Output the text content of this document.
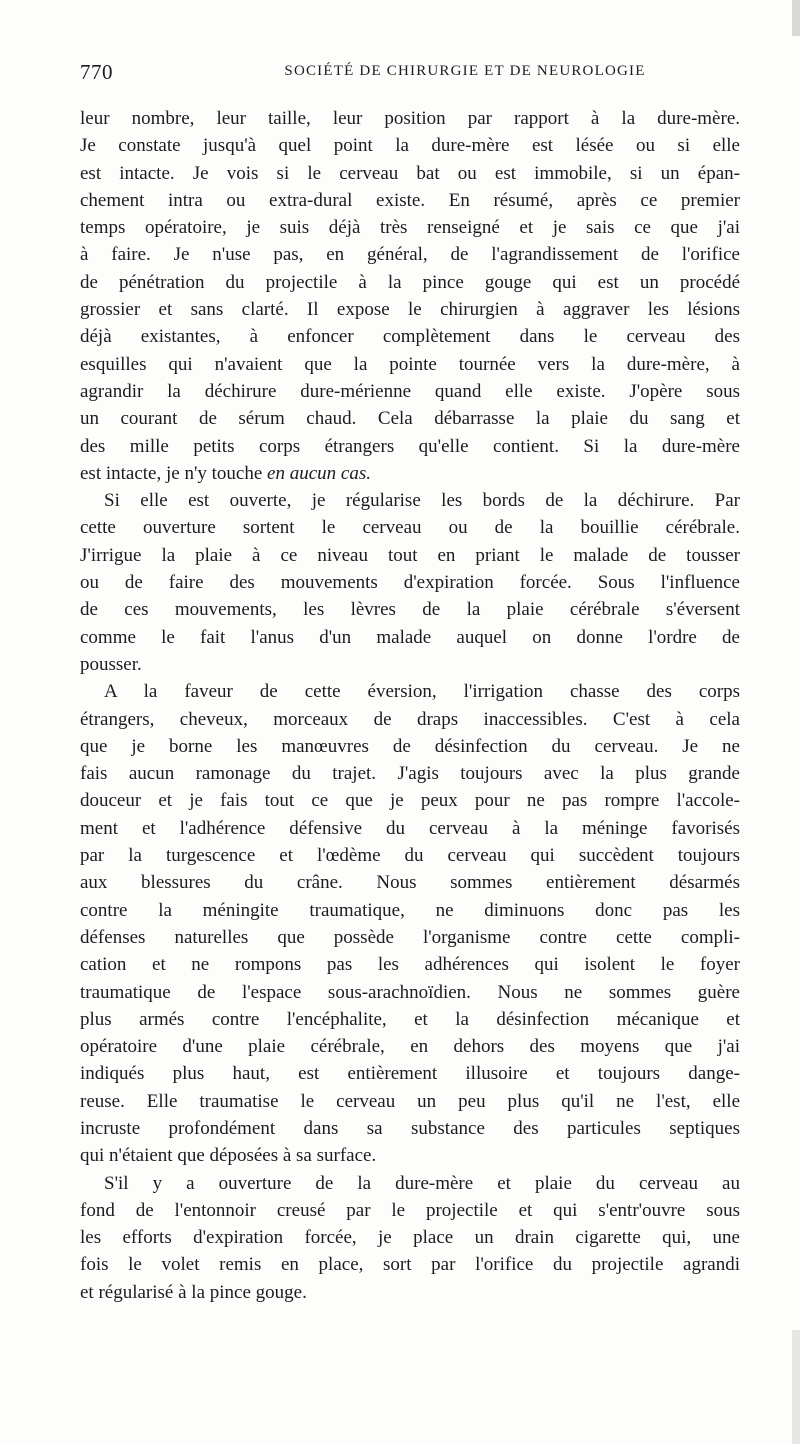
770	SOCIÉTÉ DE CHIRURGIE ET DE NEUROLOGIE
leur nombre, leur taille, leur position par rapport à la dure-mère.
Je constate jusqu'à quel point la dure-mère est lésée ou si elle
est intacte. Je vois si le cerveau bat ou est immobile, si un épan-
chement intra ou extra-dural existe. En résumé, après ce premier
temps opératoire, je suis déjà très renseigné et je sais ce que j'ai
à faire. Je n'use pas, en général, de l'agrandissement de l'orifice
de pénétration du projectile à la pince gouge qui est un procédé
grossier et sans clarté. Il expose le chirurgien à aggraver les lésions
déjà existantes, à enfoncer complètement dans le cerveau des
esquilles qui n'avaient que la pointe tournée vers la dure-mère, à
agrandir la déchirure dure-mérienne quand elle existe. J'opère sous
un courant de sérum chaud. Cela débarrasse la plaie du sang et
des mille petits corps étrangers qu'elle contient. Si la dure-mère
est intacte, je n'y touche en aucun cas.
Si elle est ouverte, je régularise les bords de la déchirure. Par
cette ouverture sortent le cerveau ou de la bouillie cérébrale.
J'irrigue la plaie à ce niveau tout en priant le malade de tousser
ou de faire des mouvements d'expiration forcée. Sous l'influence
de ces mouvements, les lèvres de la plaie cérébrale s'éversent
comme le fait l'anus d'un malade auquel on donne l'ordre de
pousser.
A la faveur de cette éversion, l'irrigation chasse des corps
étrangers, cheveux, morceaux de draps inaccessibles. C'est à cela
que je borne les manœuvres de désinfection du cerveau. Je ne
fais aucun ramonage du trajet. J'agis toujours avec la plus grande
douceur et je fais tout ce que je peux pour ne pas rompre l'accole-
ment et l'adhérence défensive du cerveau à la méninge favorisés
par la turgescence et l'œdème du cerveau qui succèdent toujours
aux blessures du crâne. Nous sommes entièrement désarmés
contre la méningite traumatique, ne diminuons donc pas les
défenses naturelles que possède l'organisme contre cette compli-
cation et ne rompons pas les adhérences qui isolent le foyer
traumatique de l'espace sous-arachnoïdien. Nous ne sommes guère
plus armés contre l'encéphalite, et la désinfection mécanique et
opératoire d'une plaie cérébrale, en dehors des moyens que j'ai
indiqués plus haut, est entièrement illusoire et toujours dange-
reuse. Elle traumatise le cerveau un peu plus qu'il ne l'est, elle
incruste profondément dans sa substance des particules septiques
qui n'étaient que déposées à sa surface.
S'il y a ouverture de la dure-mère et plaie du cerveau au
fond de l'entonnoir creusé par le projectile et qui s'entr'ouvre sous
les efforts d'expiration forcée, je place un drain cigarette qui, une
fois le volet remis en place, sort par l'orifice du projectile agrandi
et régularisé à la pince gouge.
